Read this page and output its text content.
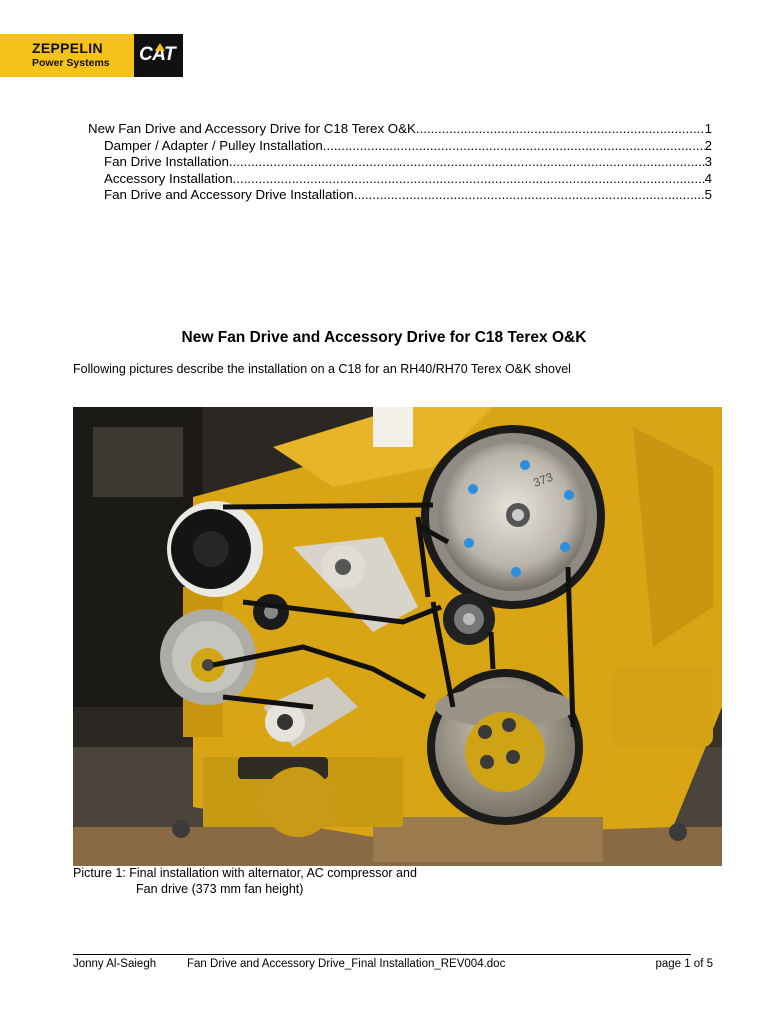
ZEPPELIN
Power Systems CAT
New Fan Drive and Accessory Drive for C18 Terex O&K .....	1
Damper / Adapter / Pulley Installation .....	2
Fan Drive Installation .....	3
Accessory Installation .....	4
Fan Drive and Accessory Drive Installation .....	5
New Fan Drive and Accessory Drive for C18 Terex O&K
Following pictures describe the installation on a C18 for an RH40/RH70 Terex O&K shovel
373
Picture 1: Final installation with alternator, AC compressor and
Fan drive (373 mm fan height)
Jonny Al-Saiegh	Fan Drive and Accessory Drive_Final Installation_REV004.doc	page 1 of 5
